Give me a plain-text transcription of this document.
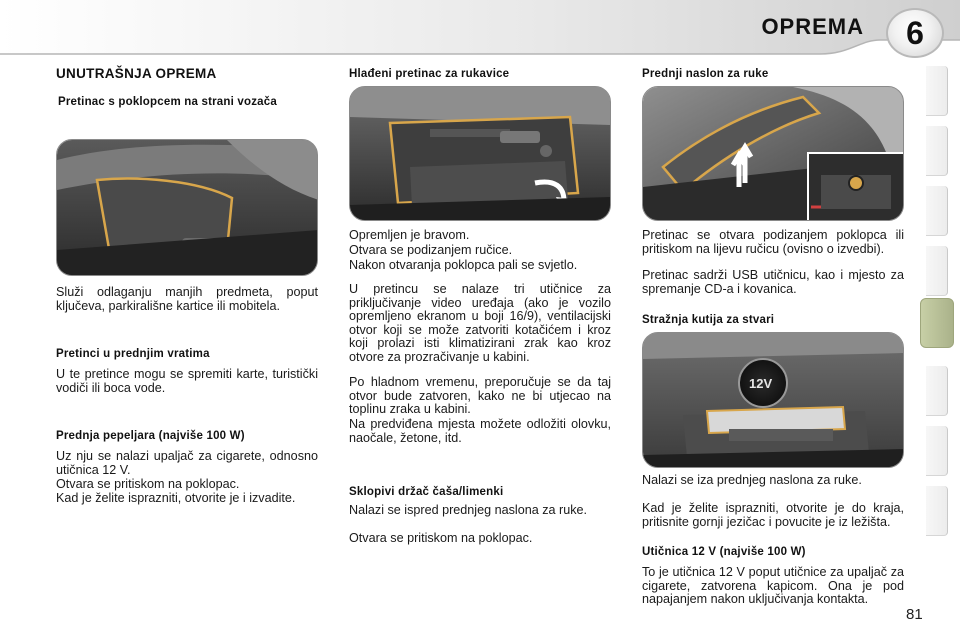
OPREMA	6
UNUTRAŠNJA OPREMA
Pretinac s poklopcem na strani vozača

Služi odlaganju manjih predmeta, poput ključeva, parkirališne kartice ili mobitela.

Pretinci u prednjim vratima

U te pretince mogu se spremiti karte, turistički vodiči ili boca vode.

Prednja pepeljara (najviše 100 W)

Uz nju se nalazi upaljač za cigarete, odnosno utičnica 12 V.

Otvara se pritiskom na poklopac.

Kad je želite isprazniti, otvorite je i izvadite.

Hlađeni pretinac za rukavice

Opremljen je bravom.

Otvara se podizanjem ručice.

Nakon otvaranja poklopca pali se svjetlo.

U pretincu se nalaze tri utičnice za priključivanje video uređaja (ako je vozilo opremljeno ekranom u boji 16/9), ventilacijski otvor koji se može zatvoriti kotačićem i kroz koji prolazi isti klimatizirani zrak kao kroz otvore za prozračivanje u kabini.

Po hladnom vremenu, preporučuje se da taj otvor bude zatvoren, kako ne bi utjecao na toplinu zraka u kabini.

Na predviđena mjesta možete odložiti olovku, naočale, žetone, itd.

Sklopivi držač čaša/limenki

Nalazi se ispred prednjeg naslona za ruke.

Otvara se pritiskom na poklopac.

Prednji naslon za ruke

Pretinac se otvara podizanjem poklopca ili pritiskom na lijevu ručicu (ovisno o izvedbi).

Pretinac sadrži USB utičnicu, kao i mjesto za spremanje CD-a i kovanica.

Stražnja kutija za stvari
12V

Nalazi se iza prednjeg naslona za ruke.

Kad je želite isprazniti, otvorite je do kraja, pritisnite gornji jezičac i povucite je iz ležišta.

Utičnica 12 V (najviše 100 W)

To je utičnica 12 V poput utičnice za upaljač za cigarete, zatvorena kapicom. Ona je pod napajanjem nakon uključivanja kontakta.

81
